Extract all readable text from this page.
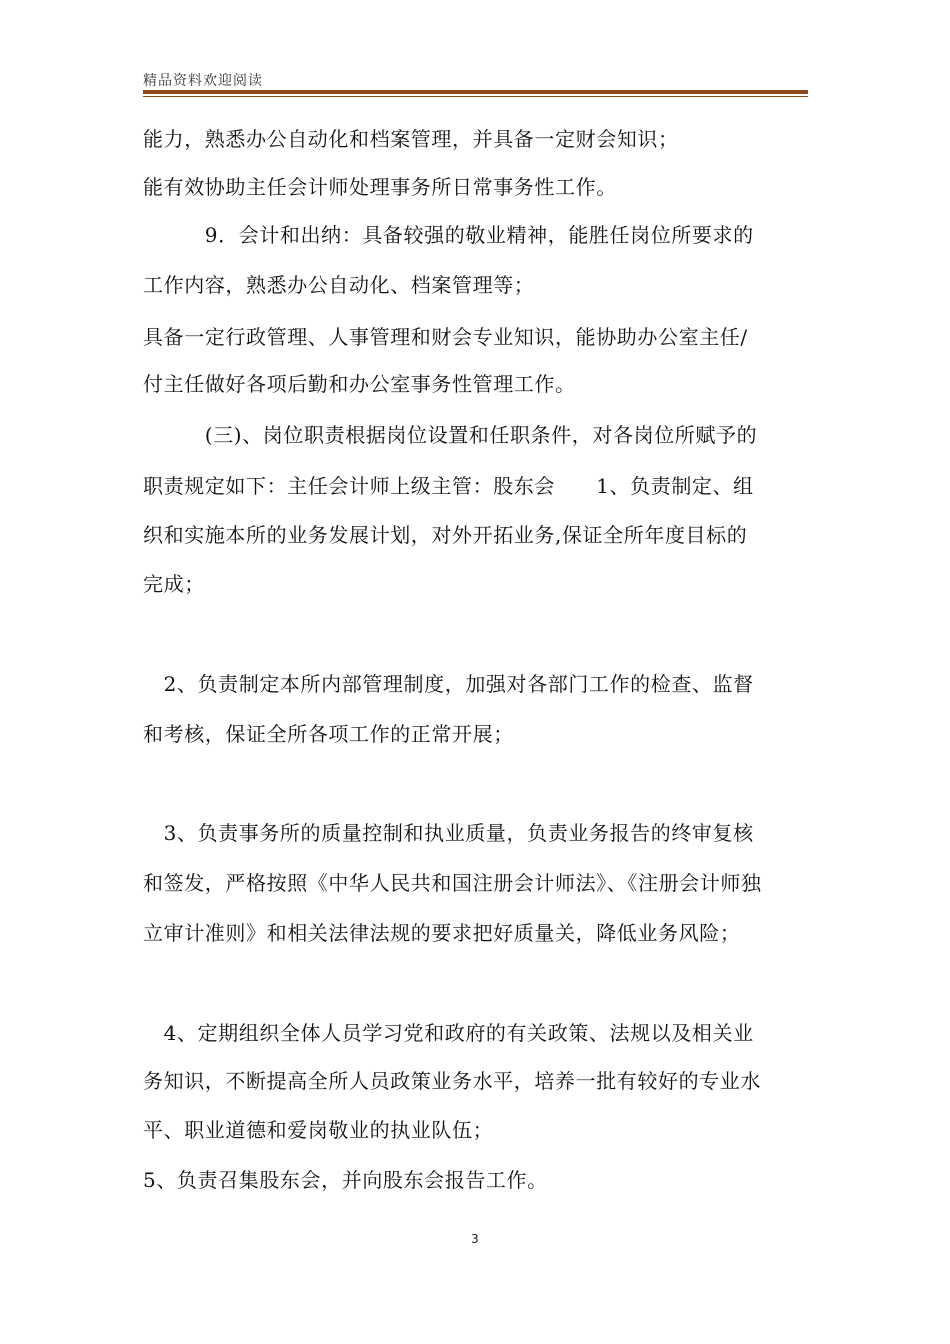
精品资料欢迎阅读
能力，熟悉办公自动化和档案管理，并具备一定财会知识；
能有效协助主任会计师处理事务所日常事务性工作。
　　　9．会计和出纳：具备较强的敬业精神，能胜任岗位所要求的
工作内容，熟悉办公自动化、档案管理等；
具备一定行政管理、人事管理和财会专业知识，能协助办公室主任/
付主任做好各项后勤和办公室事务性管理工作。
　　　(三)、岗位职责根据岗位设置和任职条件，对各岗位所赋予的
职责规定如下：主任会计师上级主管：股东会　　1、负责制定、组
织和实施本所的业务发展计划，对外开拓业务,保证全所年度目标的
完成；
　2、负责制定本所内部管理制度，加强对各部门工作的检查、监督
和考核，保证全所各项工作的正常开展；
　3、负责事务所的质量控制和执业质量，负责业务报告的终审复核
和签发，严格按照《中华人民共和国注册会计师法》、《注册会计师独
立审计准则》和相关法律法规的要求把好质量关，降低业务风险；
　4、定期组织全体人员学习党和政府的有关政策、法规以及相关业
务知识，不断提高全所人员政策业务水平，培养一批有较好的专业水
平、职业道德和爱岗敬业的执业队伍；
5、负责召集股东会，并向股东会报告工作。
3
